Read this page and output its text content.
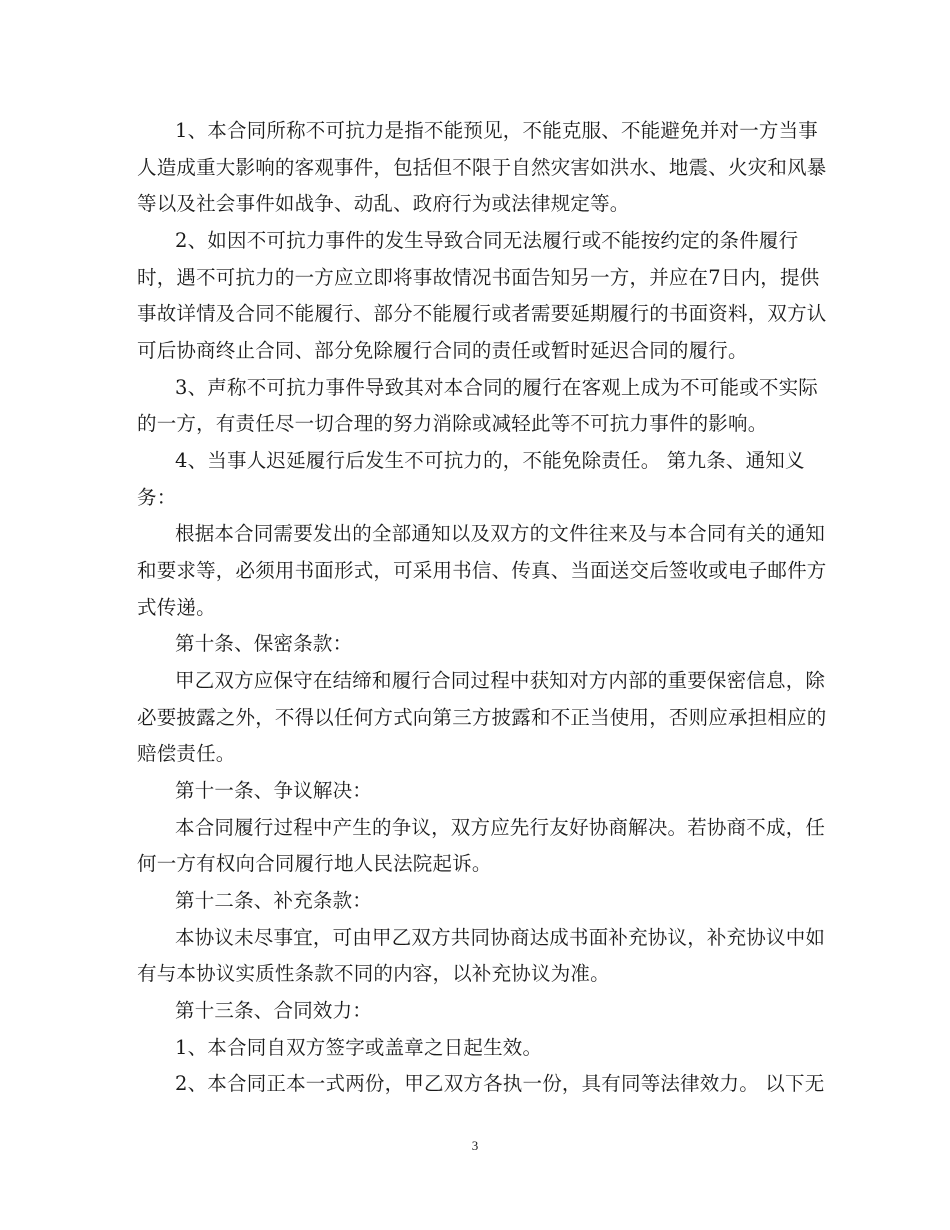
1、本合同所称不可抗力是指不能预见，不能克服、不能避免并对一方当事
人造成重大影响的客观事件，包括但不限于自然灾害如洪水、地震、火灾和风暴
等以及社会事件如战争、动乱、政府行为或法律规定等。
2、如因不可抗力事件的发生导致合同无法履行或不能按约定的条件履行
时，遇不可抗力的一方应立即将事故情况书面告知另一方，并应在7日内，提供
事故详情及合同不能履行、部分不能履行或者需要延期履行的书面资料，双方认
可后协商终止合同、部分免除履行合同的责任或暂时延迟合同的履行。
3、声称不可抗力事件导致其对本合同的履行在客观上成为不可能或不实际
的一方，有责任尽一切合理的努力消除或减轻此等不可抗力事件的影响。
4、当事人迟延履行后发生不可抗力的，不能免除责任。 第九条、通知义
务：
根据本合同需要发出的全部通知以及双方的文件往来及与本合同有关的通知
和要求等，必须用书面形式，可采用书信、传真、当面送交后签收或电子邮件方
式传递。
第十条、保密条款：
甲乙双方应保守在结缔和履行合同过程中获知对方内部的重要保密信息，除
必要披露之外，不得以任何方式向第三方披露和不正当使用，否则应承担相应的
赔偿责任。
第十一条、争议解决：
本合同履行过程中产生的争议，双方应先行友好协商解决。若协商不成，任
何一方有权向合同履行地人民法院起诉。
第十二条、补充条款：
本协议未尽事宜，可由甲乙双方共同协商达成书面补充协议，补充协议中如
有与本协议实质性条款不同的内容，以补充协议为准。
第十三条、合同效力：
1、本合同自双方签字或盖章之日起生效。
2、本合同正本一式两份，甲乙双方各执一份，具有同等法律效力。 以下无
3
